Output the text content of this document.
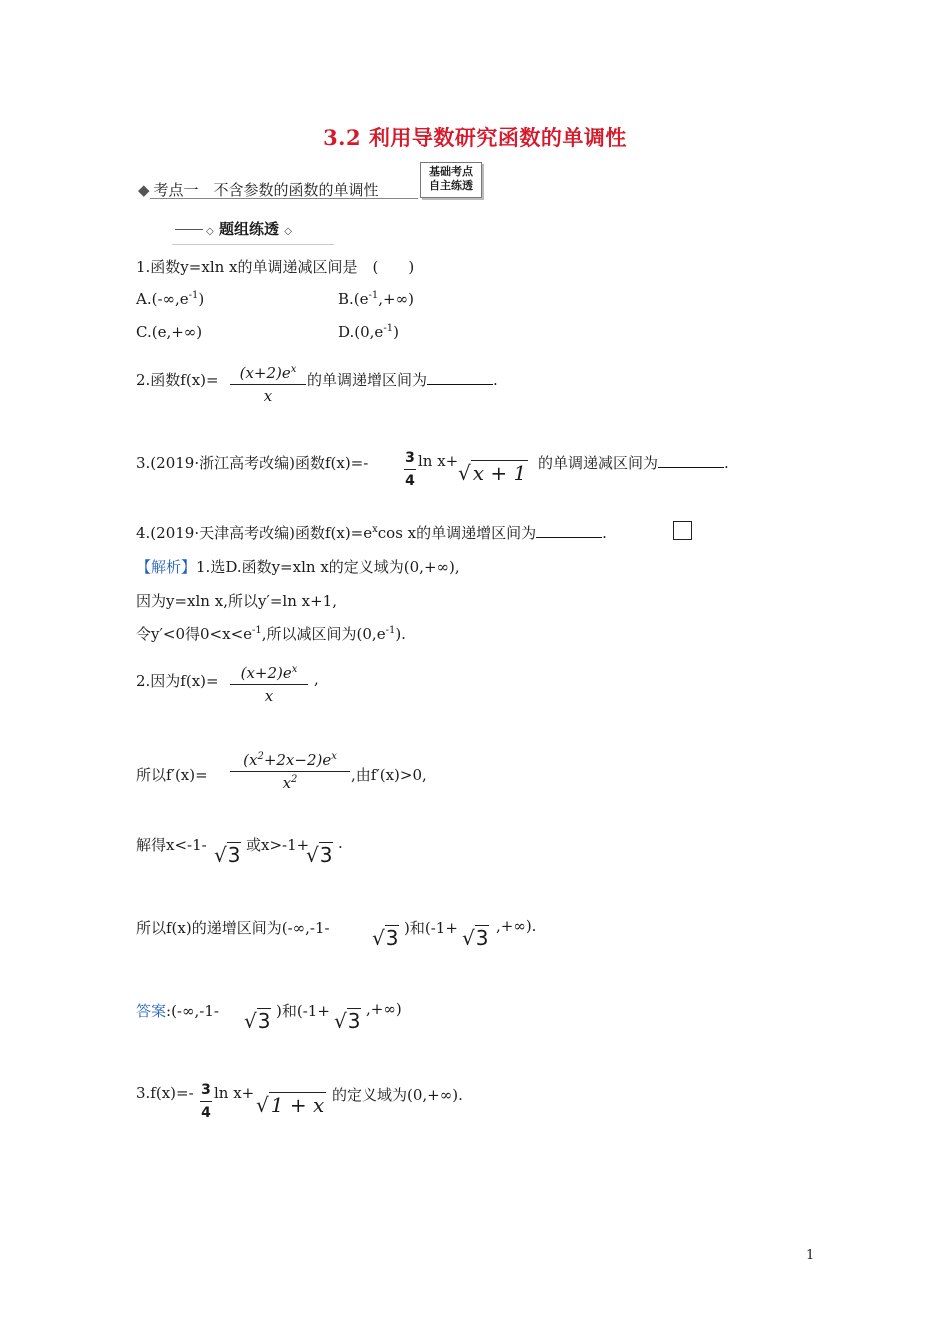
3.2 利用导数研究函数的单调性
◆ 考点一　不含参数的函数的单调性
基础考点
自主练透
◇ 题组练透 ◇
1.函数y=xln x的单调递减区间是　(　　)
$A.(-\infty,e^{-1})$	$B.(e^{-1},+\infty)$
C.(e,+∞)	$D.(0,e^{-1})$
2.函数f(x)=	$(x+2)e^x$
x
的单调递增区间为	.
3.(2019·浙江高考改编)函数f(x)=-	3
4
ln x+ √ x + 1 的单调递减区间为	.
4.(2019·天津高考改编)函数$f(x)=e^x\cos$ x的单调递增区间为	.
【解析】1.选D.函数y=xln x的定义域为(0,+∞),
因为y=xln x,所以y′=ln x+1,
令y′<0得$0<x<e^{-1}$,所以减区间为$(0,e^{-1})$.
2.因为f(x)=	$(x+2)e^x$
x
,
所以f′(x)=
$(x^2+2x-2)e^x$
$x^2$	,由f′(x)>0,
解得x<-1- √3 或x>-1+
√3 .
所以f(x)的递增区间为(-∞,-1- √3 )和(-1+ √3 ,+∞).
答案:(-∞,-1- √3 )和(-1+ √3 ,+∞)
3.f(x)=- 3
4
ln x+ √ 1 + x 的定义域为(0,+∞).
1
